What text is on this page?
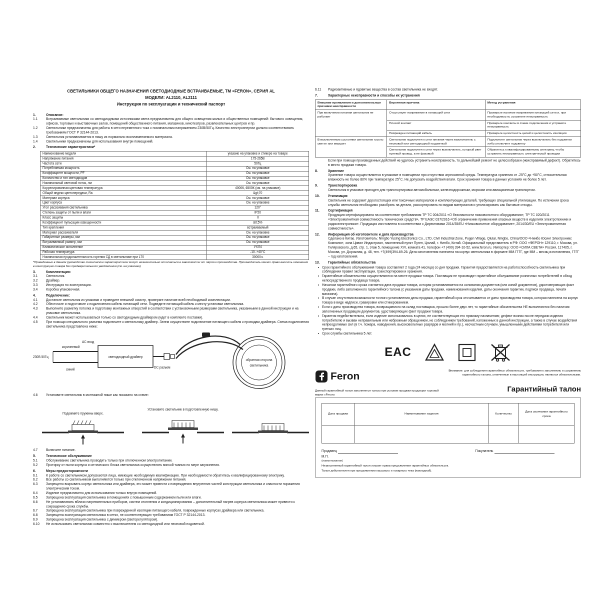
СВЕТИЛЬНИКИ ОБЩЕГО НАЗНАЧЕНИЯ СВЕТОДИОДНЫЕ ВСТРАИВАЕМЫЕ, ТМ «FERON», СЕРИЯ AL
МОДЕЛИ: AL2110, AL2111
Инструкция по эксплуатации и технический паспорт
1.	Описание:
1.1	Встраиваемые светильники со светодиодными источниками света предназначены для общего освещения жилых и общественных помещений: бытового освещения, офисов, торговых и выставочных залов, помещений общественного питания, магазинов, кинотеатров, развлекательных центров и пр.
1.2	Светильники предназначены для работы в сети переменного тока с номинальным напряжением 230В/50Гц. Качество электроэнергии должно соответствовать требованиям ГОСТ Р 32144-2013.
1.3	Светильник устанавливается в нишу из нормально воспламеняемого материала.
1.4	Светильники предназначены для использования внутри помещений.
2.	Технические характеристики*
Наименование модели	указано на упаковке и стикере на товаре
Напряжение питания	175-265В
Частота сети	50Гц
Потребляемая мощность	См. на упаковке
Коэффициент мощности, PF	См. на упаковке
Количество и тип светодиодов	См. на упаковке
Номинальный световой поток, лм	См. на упаковке
Коррелированная цветовая температура	4000К, 6500К (см. на упаковке)
Общий индекс цветопередачи, Ra	&gt;70
Материал корпуса	См. на упаковке
Цвет корпуса	См. на упаковке
Угол рассеивания светильника	120°
Степень защиты от пыли и влаги	IP20
Класс защиты	II
Коэффициент пульсации освещенности	&lt;5%
Тип крепления	встраиваемый
Материал рассеивателя	См. на упаковке
Габаритные размеры, мм	См. на упаковке
Встраиваемый размер, мм	См. на упаковке
Климатическое исполнение	УХЛ4
Рабочая температура	-10..+40°С
Номинальная продолжительность горения СД в светильнике при L70	30000ч.
*Приведенные в данном руководстве технические характеристики могут незначительно отличаться в зависимости от партии производства. Производитель имеет право вносить изменения в конструкцию товара без предварительного уведомления (см. на упаковке)
3.	Комплектация:
3.1	Светильник.
3.2	Драйвер.
3.3	Инструкция по эксплуатации.
3.4	Коробка упаковочная.
4.	Подключение:
4.1	Достаньте светильник из упаковки и проведите внешний осмотр, проверьте наличие всей необходимой комплектации.
4.2	Обесточьте и подготовьте к подключению кабель питающей сети. Подведите питающий кабель к месту установки светильника.
4.3	Выполните разметку потолка и подготовку монтажных отверстий в соответствии с установочными размерами светильника, указанными в данной инструкции и на упаковке светильника.
4.4	Светильник может использоваться только со светодиодным драйвером (идет в комплекте поставки).
4.5	При помощи специального разъема подключите к светильнику драйвер. Затем осуществите подключение питающего кабеля к проводам драйвера. Схема подключения светильника представлена ниже:
коричневый
230В 50Гц
синий
AC вход
светодиодный драйвер
DC разъем
обратная сторона
светильника
4.6	Установите светильник в монтажной нише как показано на схеме:
Подожмите пружины вверх.
Установите светильник в подготовленную нишу.
4.7	Включите питание.
5.	Техническое обслуживание
5.1	Обслуживание светильника проводить только при отключенном электропитании.
5.2	Протирку от пыли корпуса и оптического блока светильника осуществлять мягкой тканью по мере загрязнения.
6.	Меры предосторожности
6.1	К работе со светильником допускаются лица, имеющие необходимую квалификацию. При необходимости обратитесь к квалифицированному электрику.
6.2	Все работы со светильником выполняются только при отключенном напряжении питания.
6.3	Запрещено вскрывать корпус светильника или драйвера, это может привести к повреждению внутренних частей конструкции светильника и опасности поражения электрическим током.
6.4	Изделие предназначено для использования только внутри помещений.
6.5	Запрещена эксплуатация светильника в помещениях с повышенным содержанием пыли или влаги.
6.6	Не устанавливать вблизи нагревательных приборов, систем отопления и кондиционирования – дополнительный нагрев корпуса светильника может привести к сокращению срока службы.
6.7	Запрещена эксплуатация светильника при поврежденной изоляции питающего кабеля, поврежденных корпусах драйвера или светильника.
6.8	Запрещена эксплуатация светильника в сетях, не соответствующих требованиям ГОСТ Р 32144-2013.
6.9	Запрещена эксплуатация светильника с диммером (светорегулятором).
6.10 Не использовать светильники совместно с выключателем со светодиодной или неоновой подсветкой.
6.11	Радиоактивные и ядовитые вещества в состав светильника не входят.
7.	Характерные неисправности и способы их устранения
Внешние проявления и дополнительные признаки неисправности	Вероятная причина	Метод устранения
При включении питания светильник не работает	Отсутствует напряжение в питающей сети	Проверьте наличие напряжения питающей сети и, при необходимости, устраните неисправность
	Плохой контакт	Проверьте контакты в схеме подключения и устраните неисправность
	Поврежден питающий кабель	Проверьте целостность цепей и целостность изоляции
В выключенном состоянии светильник тускло светит или мерцает	Светильник подключен к сети питания через выключатель с неоновой или светодиодной подсветкой	Подключите светильник через выключатель без подсветки либо отключите подсветку
	Светильник подключен к сети через выключатель, который рвет нулевой провод, а не фазовый	Обратитесь к квалифицированному электрику, чтобы устранить неисправность электрической проводки
Если при помощи произведенных действий не удалось устранить неисправность, то дальнейший ремонт не целесообразен (неисправимый дефект). Обратитесь в место продажи товара.
8.	Хранение
Хранение товара осуществляется в упаковке в помещении при отсутствии агрессивной среды. Температура хранения от -25°С до +50°С, относительная влажность не более 80% при температуре 25°С. Не допускать воздействия влаги. Срок хранения товара в данных условиях не более 5 лет.
9.	Транспортировка
Светильник в упаковке пригоден для транспортировки автомобильным, железнодорожным, морским или авиационным транспортом.
10.	Утилизация
Светильник не содержит дорогостоящих или токсичных материалов и комплектующих деталей, требующих специальной утилизации. По истечении срока службы светильник необходимо разобрать на детали, рассортировать по видам материалов и утилизировать как бытовые отходы.
11.	Сертификация
Продукция сертифицирована на соответствие требованиям ТР ТС 004/2011 «О безопасности низковольтного оборудования», ТР ТС 020/2011 «Электромагнитная совместимость технических средств», ТР ЕАЭС 037/2016 «Об ограничении применения опасных веществ в изделиях электротехники и радиоэлектроники». Продукция изготовлена в соответствии с Директивами 2014/35/EU «Низковольтное оборудование», 2014/30/EU «Электромагнитная совместимость».
12.	Информация об изготовителе и дата производства
Сделано в Китае. Изготовитель: Ningbo Yusing Electronics Co., LTD, Civil Industrial Zone, Pugen Village, Qiulai, Ningbo, China/ООО «Нинбо Юсинг Электроникс Компани», зона Цивил Индастриал, населенный пункт Пуген, Цюлай, г. Нинбо, Китай. Официальный представитель в РФ: ООО «ФЕРОН» 129110, г. Москва, ул. Гиляровского, д.65, стр. 1, этаж 5, помещение XVI, комната 41, телефон +7 (499) 394-10-52, www.feron.ru. Импортер: ООО «СИЛА СВЕТА» Россия, 117405, г. Москва, ул. Дорожная, д. 48, тел. +7(499)394-69-26. Дата изготовления нанесена на корпус светильника в формате ММ.ГГГГ, где ММ – месяц изготовления, ГГГГ – год изготовления.
13.	Гарантийные обязательства
•
Срок гарантийного обслуживания товара составляет 2 года (24 месяца) со дня продажи. Гарантия предоставляется на работоспособность светильника при соблюдении правил эксплуатации, транспортировки и хранения.
•
Гарантийные обязательства осуществляются на месте продажи товара. Поставщик не производит гарантийное обслуживание розничных потребителей в обход непосредственного продавца товара.
•
Началом гарантийного срока считается дата продажи товара, которая устанавливается на основании документов (или копий документов), удостоверяющих факт продажи, либо заполненного гарантийного талона (с указанием даты продажи, наименования изделия, даты окончания гарантии, подписи продавца, печати магазина).
•
В случае отсутствия возможности точного установления даты продажи, гарантийный срок отсчитывается от даты производства товара, которая нанесена на корпус товара в виде надписи, гравировки или стикерованием.
•
Если с даты производства товара, возвращаемого на склад поставщика, прошло более двух лет, то гарантийные обязательства НЕ выполняются без наличия заполненных продавцом документов, удостоверяющих факт продажи товара.
•
Гарантия недействительна, если изделие использовалось в целях, не соответствующих его прямому назначению; дефект возник после передачи изделия потребителю и вызван неправильным или небрежным обращением, не соблюдением требований, изложенных в данной инструкции, а также в случае воздействия непреодолимых сил (в т.ч. пожара, наводнения, высоковольтных разрядов и молний и пр.), несчастным случаем, умышленными действиями потребителя или третьих лиц.
•
Срок службы светильника 5 лет.
EAC
Feron	Внимание: для соблюдения гарантийных обязательств, требования к заполнению и сохранению гарантийного талона, отмеченные в настоящей инструкции, являются обязательными.
Данный гарантийный талон заполняется только при условии продажи продукции торговой марки «Feron»
Гарантийный талон
Дата продажи	Наименование изделия	Количество	Дата окончания гарантийного срока

Продавец	Покупатель
М.П.
(наименование)
Незаполненный гарантийный талон лишает права предъявления гарантийных обязательств.
Талон действителен при предъявлении кассового и товарного чека (накладной).
